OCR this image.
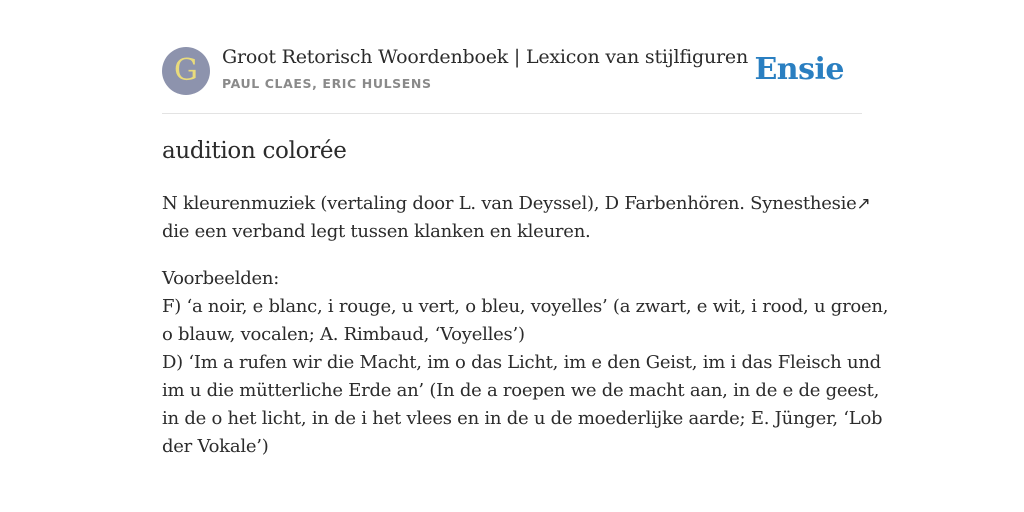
G	Groot Retorisch Woordenboek | Lexicon van stijlfiguren
PAUL CLAES, ERIC HULSENS	Ensie
audition colorée

N kleurenmuziek (vertaling door L. van Deyssel), D Farbenhören. Synesthesie↗
die een verband legt tussen klanken en kleuren.

Voorbeelden:
F) ‘a noir, e blanc, i rouge, u vert, o bleu, voyelles’ (a zwart, e wit, i rood, u groen,
o blauw, vocalen; A. Rimbaud, ‘Voyelles’)
D) ‘Im a rufen wir die Macht, im o das Licht, im e den Geist, im i das Fleisch und
im u die mütterliche Erde an’ (In de a roepen we de macht aan, in de e de geest,
in de o het licht, in de i het vlees en in de u de moederlijke aarde; E. Jünger, ‘Lob
der Vokale’)
